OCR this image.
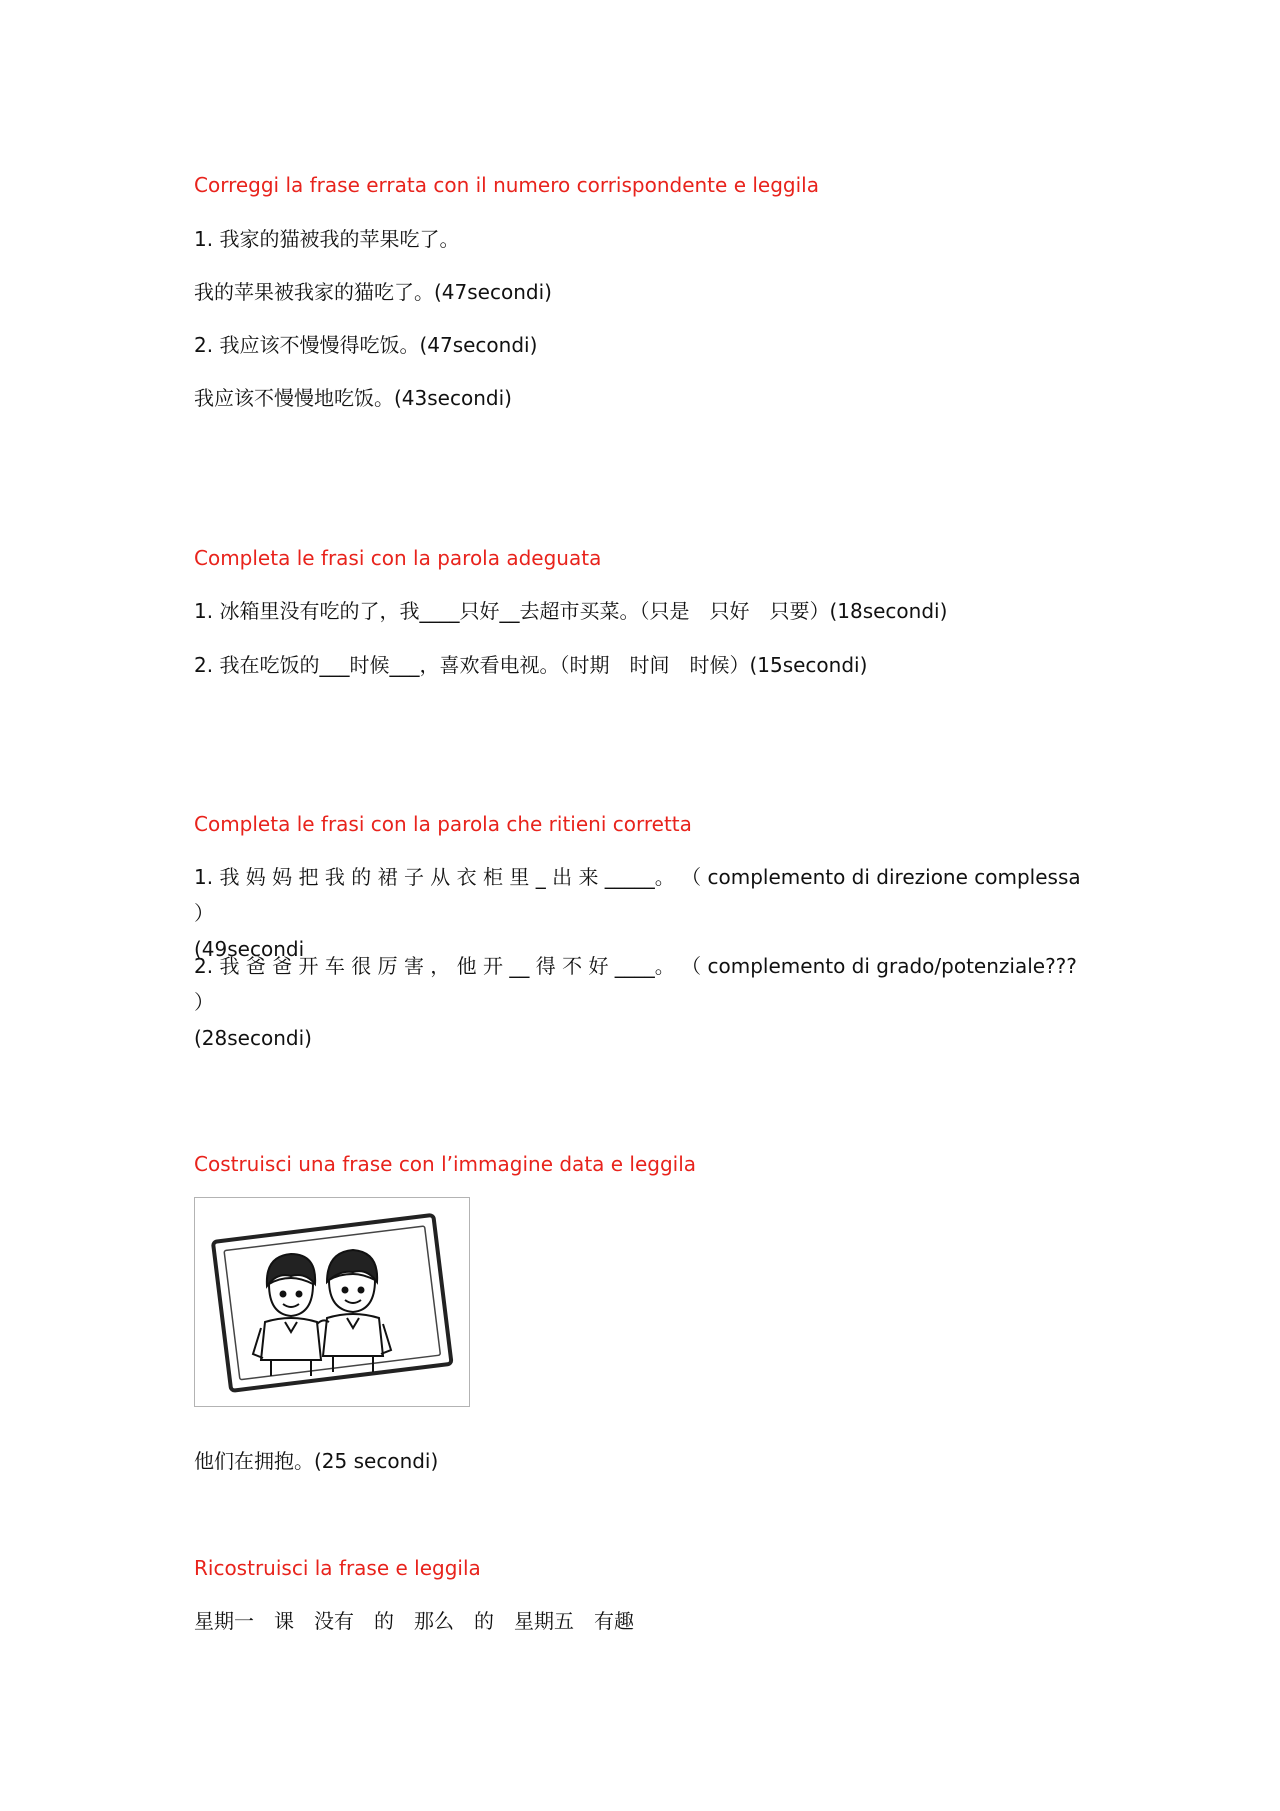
Correggi la frase errata con il numero corrispondente e leggila
1. 我家的猫被我的苹果吃了。
我的苹果被我家的猫吃了。(47secondi)
2. 我应该不慢慢得吃饭。(47secondi)
我应该不慢慢地吃饭。(43secondi)
Completa le frasi con la parola adeguata
1. 冰箱里没有吃的了，我____只好__去超市买菜。（只是　只好　只要）(18secondi)
2. 我在吃饭的___时候___，喜欢看电视。（时期　时间　时候）(15secondi)
Completa le frasi con la parola che ritieni corretta
1. 我 妈 妈 把 我 的 裙 子 从 衣 柜 里 _ 出 来 _____。 （ complemento di direzione complessa ）
(49secondi
2. 我 爸 爸 开 车 很 厉 害 ， 他 开 __ 得 不 好 ____。 （ complemento di grado/potenziale??? ）
(28secondi)
Costruisci una frase con l’immagine data e leggila
他们在拥抱。(25 secondi)
Ricostruisci la frase e leggila
星期一　课　没有　的　那么　的　星期五　有趣
